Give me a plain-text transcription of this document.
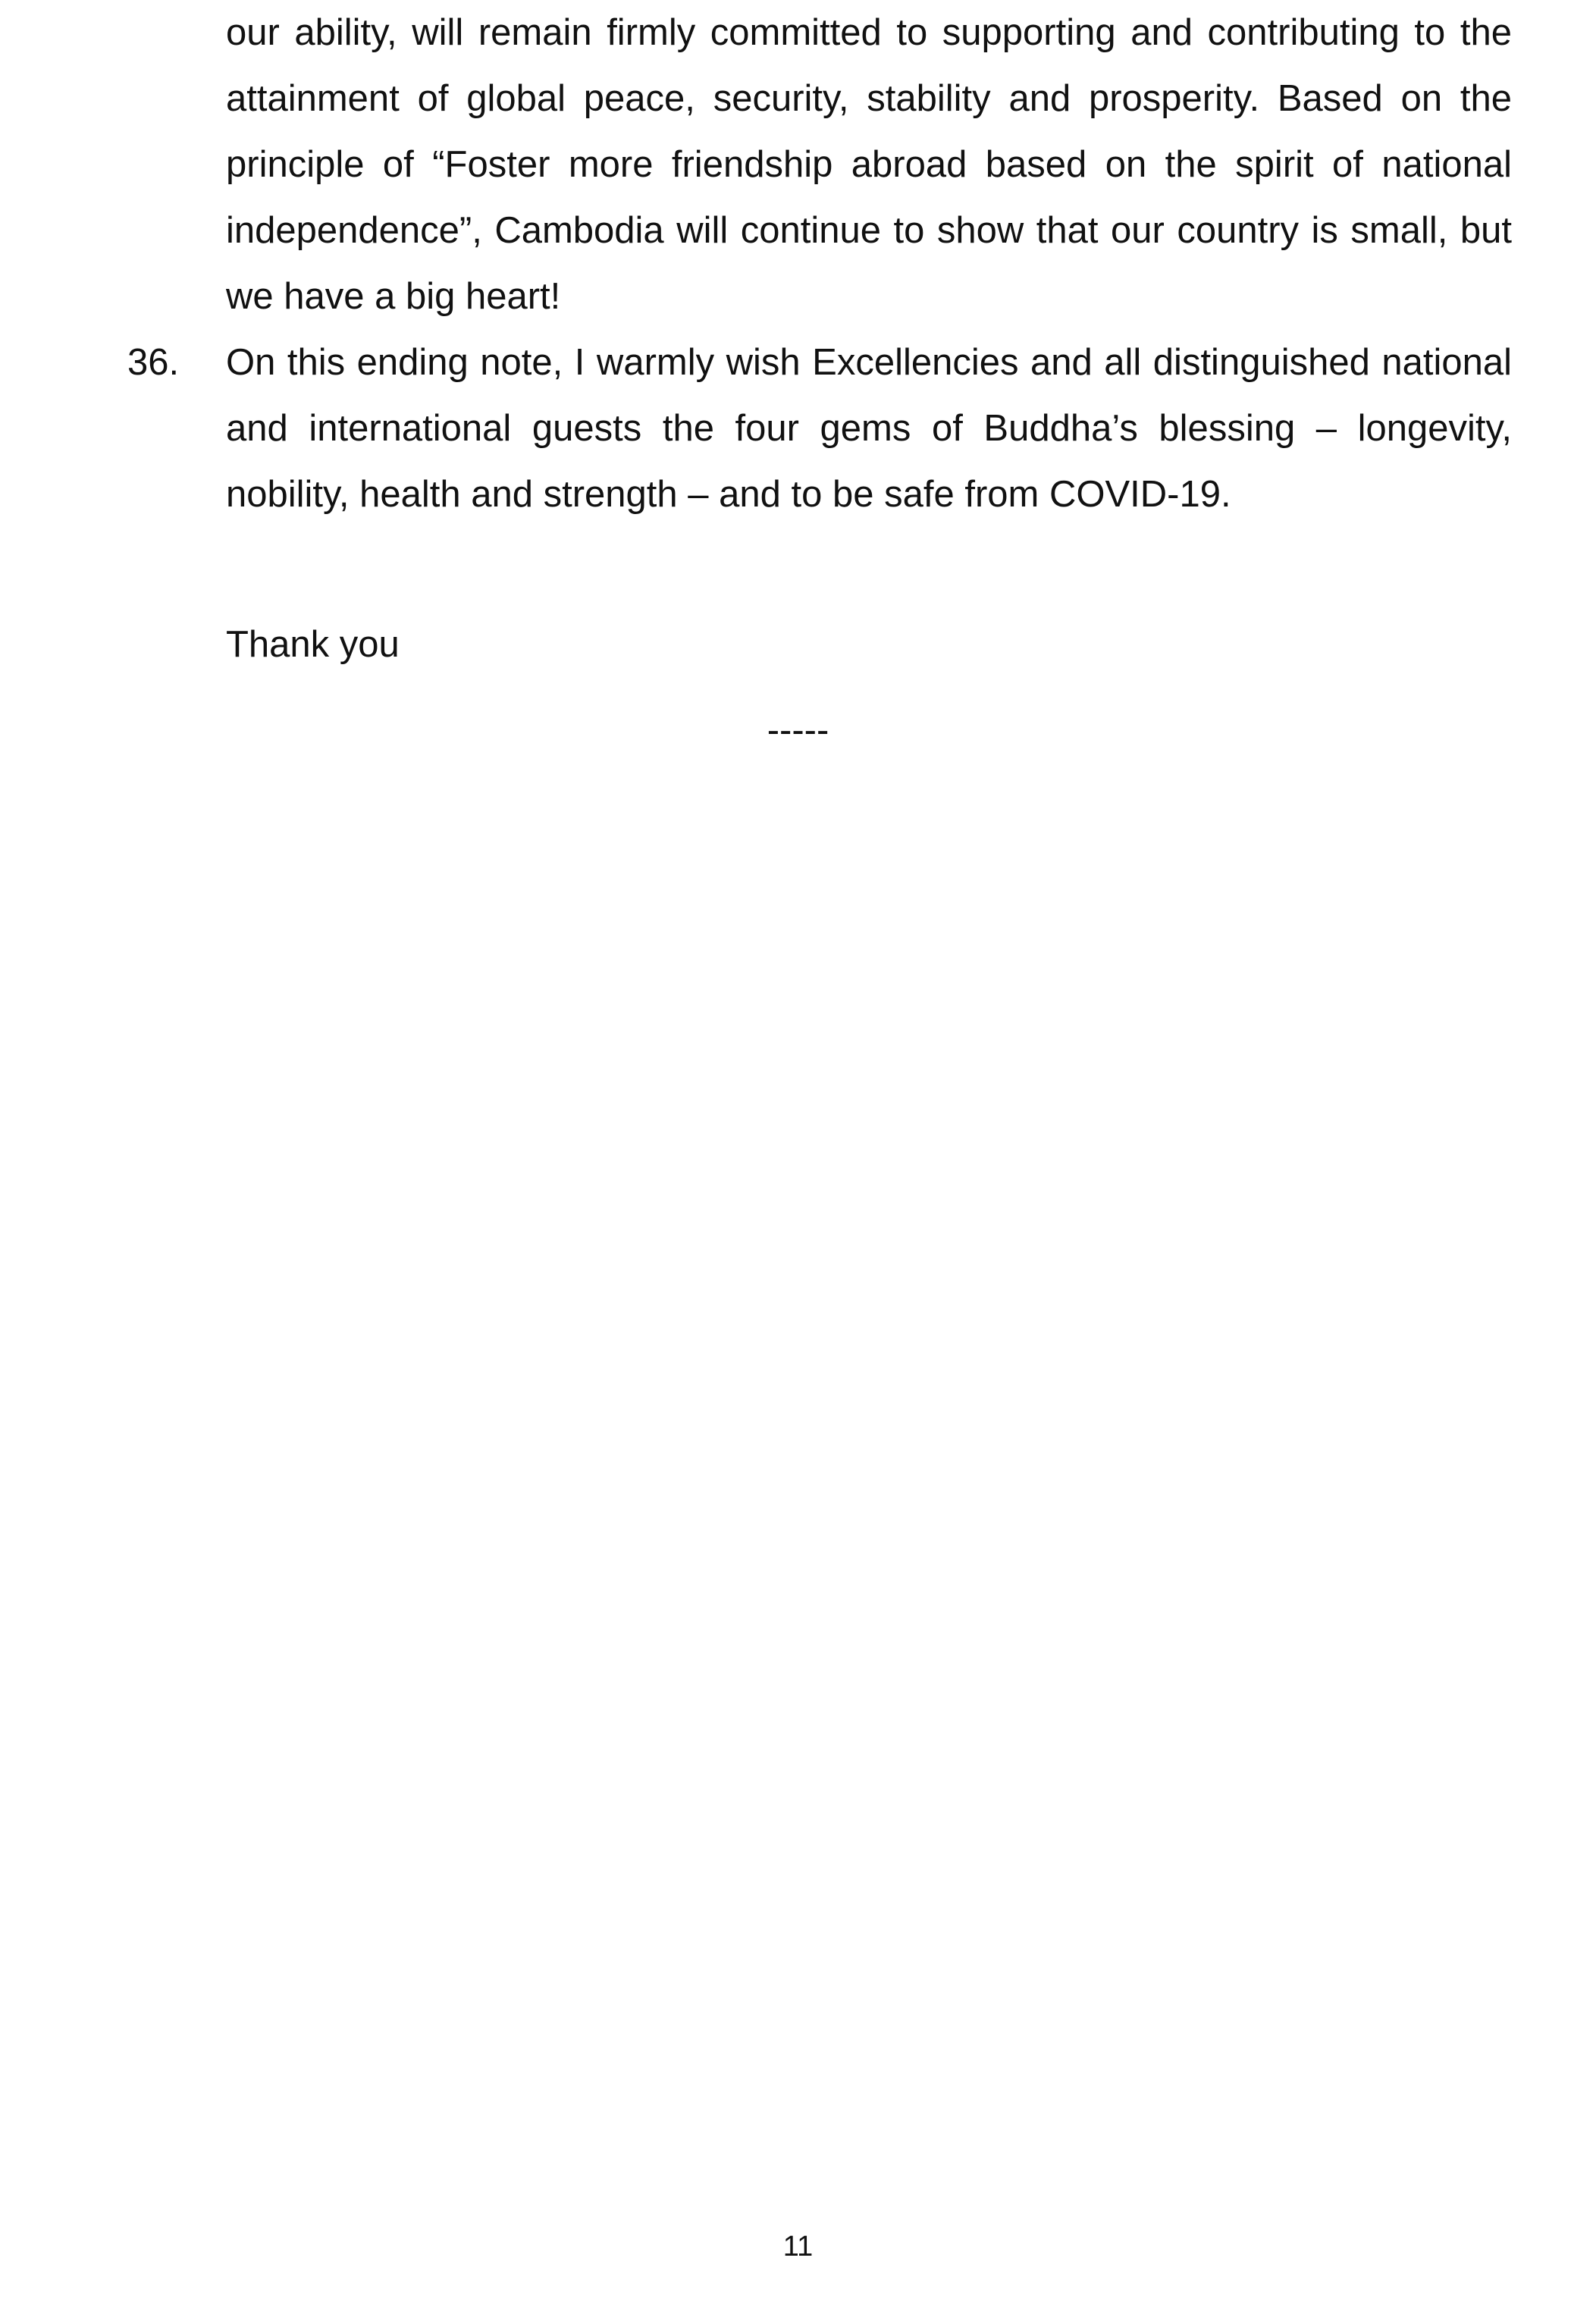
our ability, will remain firmly committed to supporting and contributing to the attainment of global peace, security, stability and prosperity. Based on the principle of “Foster more friendship abroad based on the spirit of national independence”, Cambodia will continue to show that our country is small, but we have a big heart!

36. On this ending note, I warmly wish Excellencies and all distinguished national and international guests the four gems of Buddha’s blessing – longevity, nobility, health and strength – and to be safe from COVID-19.

Thank you
-----
11
